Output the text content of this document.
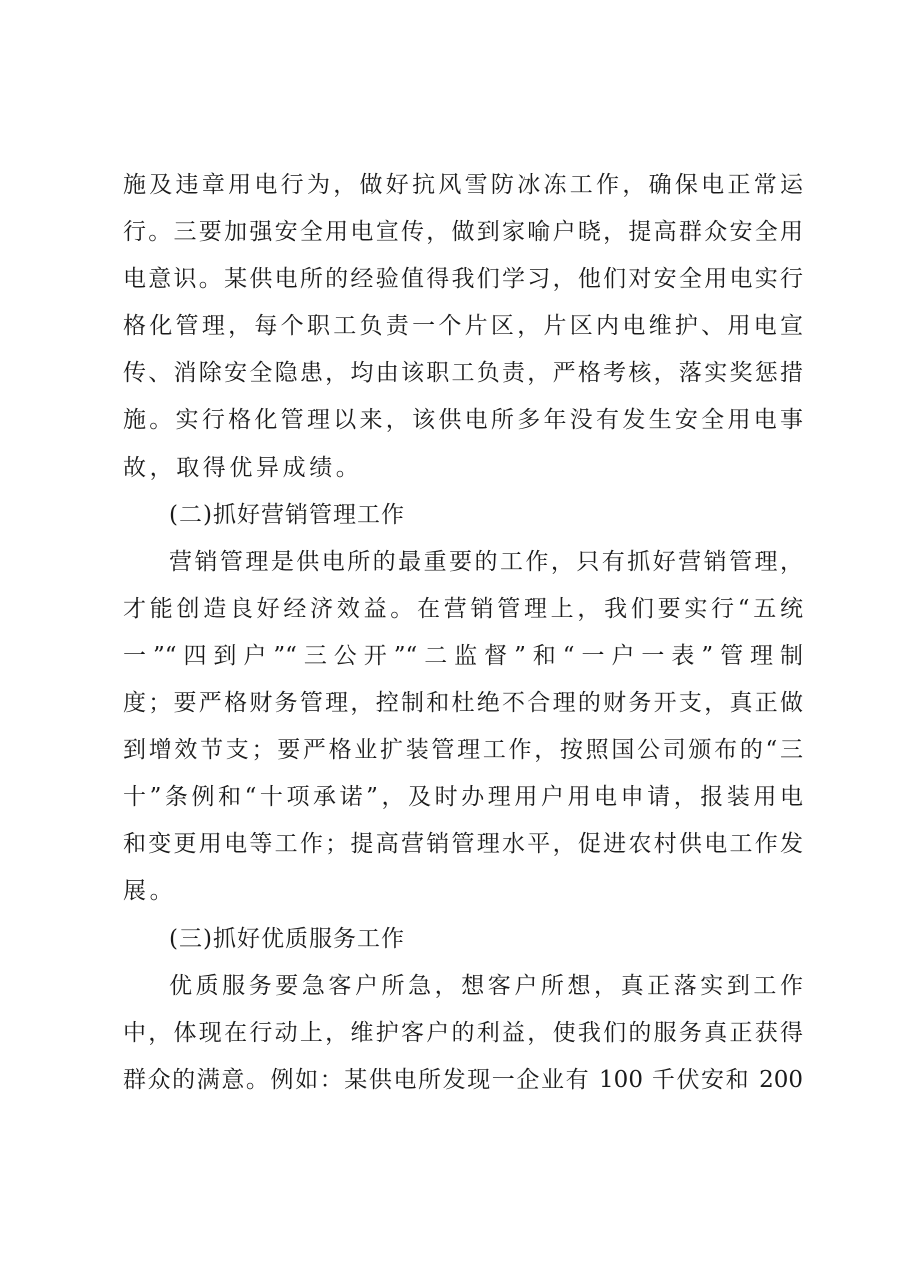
施及违章用电行为，做好抗风雪防冰冻工作，确保电正常运
行。三要加强安全用电宣传，做到家喻户晓，提高群众安全用
电意识。某供电所的经验值得我们学习，他们对安全用电实行
格化管理，每个职工负责一个片区，片区内电维护、用电宣
传、消除安全隐患，均由该职工负责，严格考核，落实奖惩措
施。实行格化管理以来，该供电所多年没有发生安全用电事
故，取得优异成绩。
(二)抓好营销管理工作
营销管理是供电所的最重要的工作，只有抓好营销管理，
才能创造良好经济效益。在营销管理上，我们要实行“五统
一”“四到户”“三公开”“二监督”和“一户一表”管理制
度；要严格财务管理，控制和杜绝不合理的财务开支，真正做
到增效节支；要严格业扩装管理工作，按照国公司颁布的“三
十”条例和“十项承诺”，及时办理用户用电申请，报装用电
和变更用电等工作；提高营销管理水平，促进农村供电工作发
展。
(三)抓好优质服务工作
优质服务要急客户所急，想客户所想，真正落实到工作
中，体现在行动上，维护客户的利益，使我们的服务真正获得
群众的满意。例如：某供电所发现一企业有 100 千伏安和 200
